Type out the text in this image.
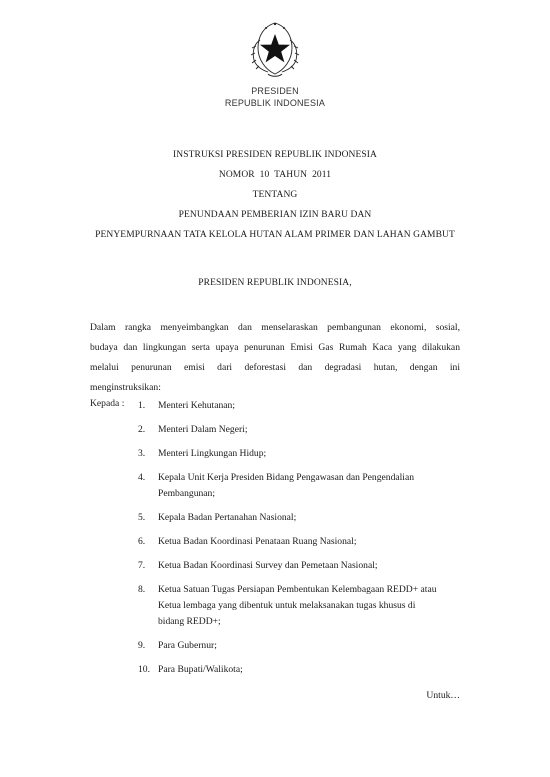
PRESIDEN
REPUBLIK INDONESIA
INSTRUKSI PRESIDEN REPUBLIK INDONESIA
NOMOR  10  TAHUN  2011
TENTANG
PENUNDAAN PEMBERIAN IZIN BARU DAN
PENYEMPURNAAN TATA KELOLA HUTAN ALAM PRIMER DAN LAHAN GAMBUT
PRESIDEN REPUBLIK INDONESIA,
Dalam rangka menyeimbangkan dan menselaraskan pembangunan ekonomi, sosial,
budaya dan lingkungan serta upaya penurunan Emisi Gas Rumah Kaca yang dilakukan
melalui penurunan emisi dari deforestasi dan degradasi hutan, dengan ini
menginstruksikan:
Kepada : 1.	Menteri Kehutanan;
2.	Menteri Dalam Negeri;
3.	Menteri Lingkungan Hidup;
4.	Kepala Unit Kerja Presiden Bidang Pengawasan dan Pengendalian Pembangunan;
5.	Kepala Badan Pertanahan Nasional;
6.	Ketua Badan Koordinasi Penataan Ruang Nasional;
7.	Ketua Badan Koordinasi Survey dan Pemetaan Nasional;
8.	Ketua Satuan Tugas Persiapan Pembentukan Kelembagaan REDD+ atau Ketua lembaga yang dibentuk untuk melaksanakan tugas khusus di bidang REDD+;
9.	Para Gubernur;
10. Para Bupati/Walikota;
Untuk…
